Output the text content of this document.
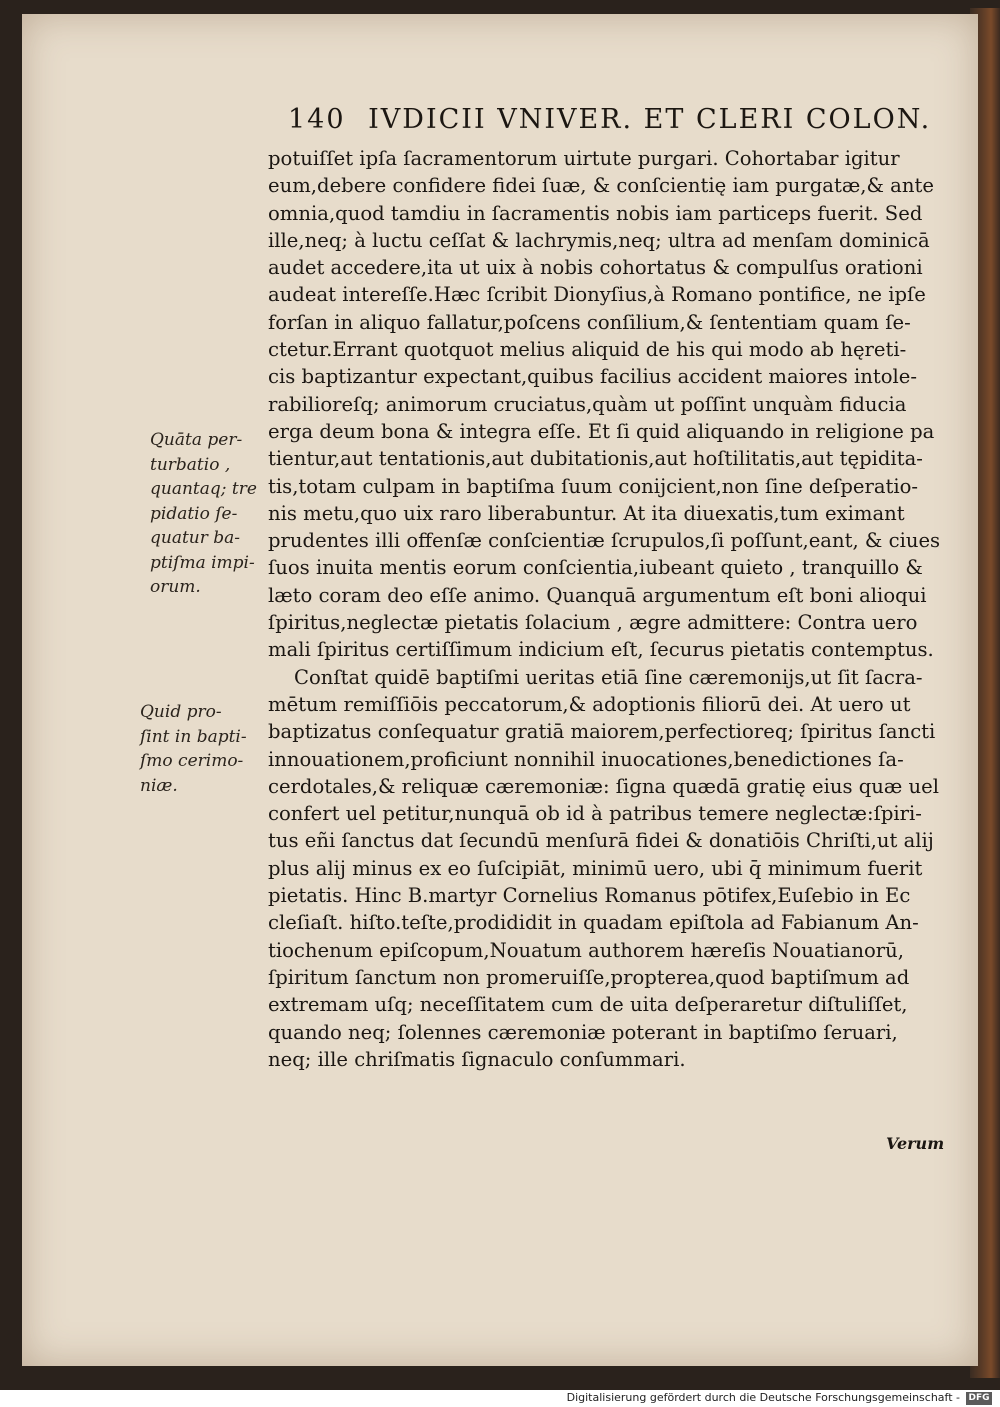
140 IVDICII VNIVER. ET CLERI COLON.
potuiſſet ipſa ſacramentorum uirtute purgari. Cohortabar igitur
eum,debere confidere fidei ſuæ, & conſcientię iam purgatæ,& ante
omnia,quod tamdiu in ſacramentis nobis iam particeps fuerit. Sed
ille,neq; à luctu ceſſat & lachrymis,neq; ultra ad menſam dominicā
audet accedere,ita ut uix à nobis cohortatus & compulſus orationi
audeat intereſſe.Hæc ſcribit Dionyſius,à Romano pontifice, ne ipſe
forſan in aliquo fallatur,poſcens conſilium,& ſententiam quam ſe-
ctetur.Errant quotquot melius aliquid de his qui modo ab hęreti-
cis baptizantur expectant,quibus facilius accident maiores intole-
rabilioreſq; animorum cruciatus,quàm ut poſſint unquàm fiducia
erga deum bona & integra eſſe. Et ſi quid aliquando in religione pa
tientur,aut tentationis,aut dubitationis,aut hoſtilitatis,aut tępidita-
tis,totam culpam in baptiſma ſuum conijcient,non ſine deſperatio-
nis metu,quo uix raro liberabuntur. At ita diuexatis,tum eximant
prudentes illi offenſæ conſcientiæ ſcrupulos,ſi poſſunt,eant, & ciues
ſuos inuita mentis eorum conſcientia,iubeant quieto , tranquillo &
læto coram deo eſſe animo. Quanquā argumentum eſt boni alioqui
ſpiritus,neglectæ pietatis ſolacium , ægre admittere: Contra uero
mali ſpiritus certiſſimum indicium eſt, ſecurus pietatis contemptus.
Conſtat quidē baptiſmi ueritas etiā ſine cæremonijs,ut ſit ſacra-
mētum remiſſiōis peccatorum,& adoptionis filiorū dei. At uero ut
baptizatus conſequatur gratiā maiorem,perfectioreq; ſpiritus ſancti
innouationem,proficiunt nonnihil inuocationes,benedictiones ſa-
cerdotales,& reliquæ cæremoniæ: ſigna quædā gratię eius quæ uel
confert uel petitur,nunquā ob id à patribus temere neglectæ:ſpiri-
tus eñi ſanctus dat ſecundū menſurā fidei & donatiōis Chriſti,ut alij
plus alij minus ex eo ſuſcipiāt, minimū uero, ubi q̄ minimum fuerit
pietatis. Hinc B.martyr Cornelius Romanus pōtifex,Euſebio in Ec
cleſiaſt. hiſto.teſte,prodididit in quadam epiſtola ad Fabianum An-
tiochenum epiſcopum,Nouatum authorem hæreſis Nouatianorū,
ſpiritum ſanctum non promeruiſſe,propterea,quod baptiſmum ad
extremam uſq; neceſſitatem cum de uita deſperaretur diſtuliſſet,
quando neq; ſolennes cæremoniæ poterant in baptiſmo ſeruari,
neq; ille chriſmatis ſignaculo conſummari.
Verum
Quāta per-
turbatio ,
quantaq; tre
pidatio ſe-
quatur ba-
ptiſma impi-
orum.
Quid pro-
ſint in bapti-
ſmo cerimo-
niæ.
Digitalisierung gefördert durch die Deutsche Forschungsgemeinschaft - DFG
